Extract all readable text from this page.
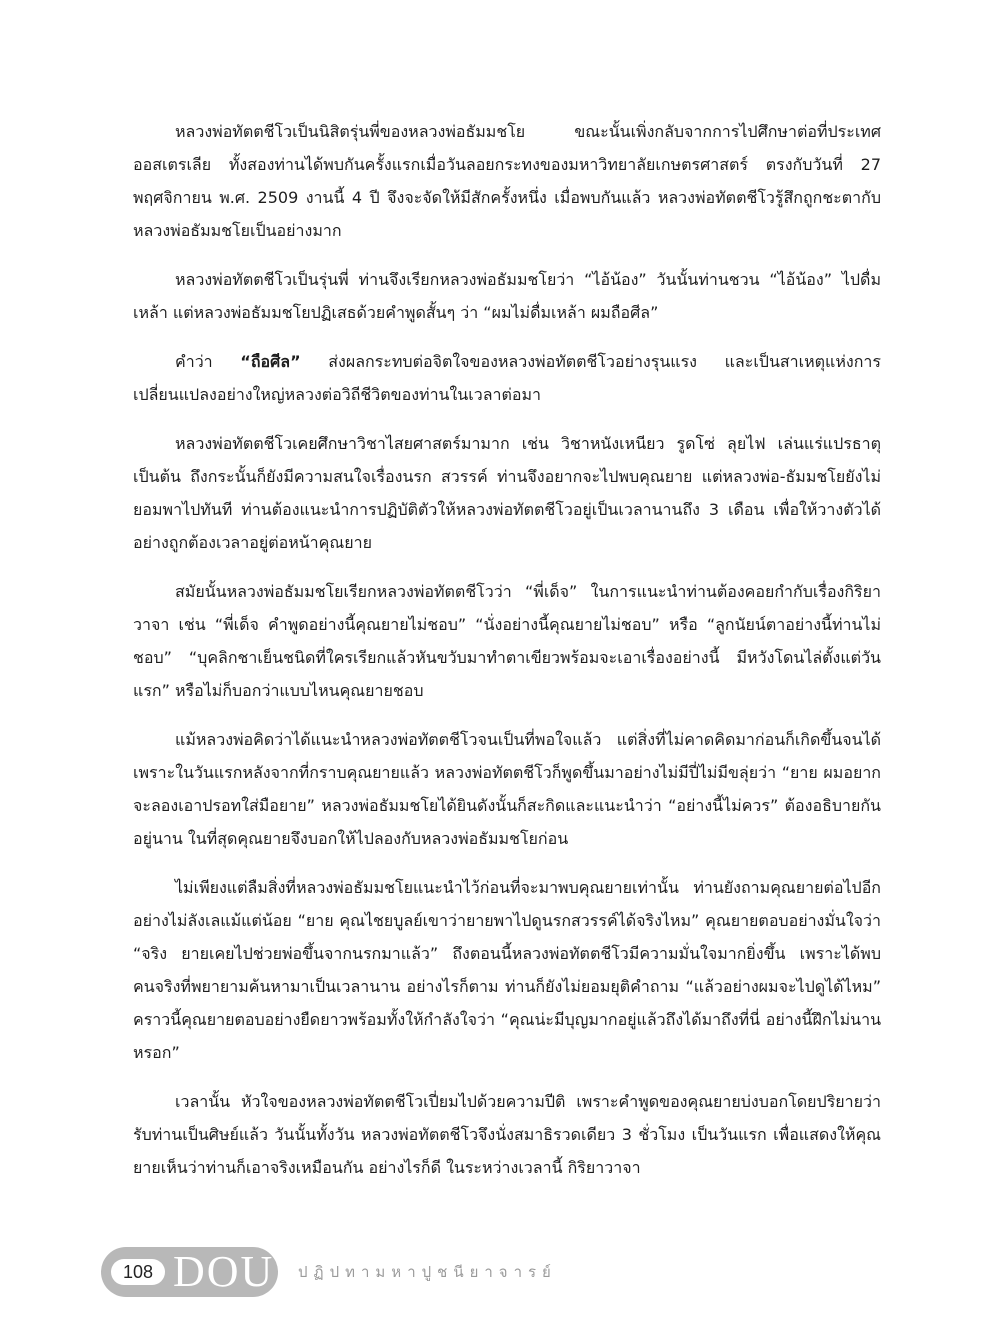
หลวงพ่อทัตตชีโวเป็นนิสิตรุ่นพี่ของหลวงพ่อธัมมชโย ขณะนั้นเพิ่งกลับจากการไปศึกษาต่อที่ประเทศออสเตรเลีย ทั้งสองท่านได้พบกันครั้งแรกเมื่อวันลอยกระทงของมหาวิทยาลัยเกษตรศาสตร์ ตรงกับวันที่ 27 พฤศจิกายน พ.ศ. 2509 งานนี้ 4 ปี จึงจะจัดให้มีสักครั้งหนึ่ง เมื่อพบกันแล้ว หลวงพ่อทัตตชีโวรู้สึกถูกชะตากับหลวงพ่อธัมมชโยเป็นอย่างมาก

หลวงพ่อทัตตชีโวเป็นรุ่นพี่ ท่านจึงเรียกหลวงพ่อธัมมชโยว่า “ไอ้น้อง” วันนั้นท่านชวน “ไอ้น้อง” ไปดื่มเหล้า แต่หลวงพ่อธัมมชโยปฏิเสธด้วยคำพูดสั้นๆ ว่า “ผมไม่ดื่มเหล้า ผมถือศีล”

คำว่า “ถือศีล” ส่งผลกระทบต่อจิตใจของหลวงพ่อทัตตชีโวอย่างรุนแรง และเป็นสาเหตุแห่งการเปลี่ยนแปลงอย่างใหญ่หลวงต่อวิถีชีวิตของท่านในเวลาต่อมา

หลวงพ่อทัตตชีโวเคยศึกษาวิชาไสยศาสตร์มามาก เช่น วิชาหนังเหนียว รูดโซ่ ลุยไฟ เล่นแร่แปรธาตุ เป็นต้น ถึงกระนั้นก็ยังมีความสนใจเรื่องนรก สวรรค์ ท่านจึงอยากจะไปพบคุณยาย แต่หลวงพ่อ-ธัมมชโยยังไม่ยอมพาไปทันที ท่านต้องแนะนำการปฏิบัติตัวให้หลวงพ่อทัตตชีโวอยู่เป็นเวลานานถึง 3 เดือน เพื่อให้วางตัวได้อย่างถูกต้องเวลาอยู่ต่อหน้าคุณยาย

สมัยนั้นหลวงพ่อธัมมชโยเรียกหลวงพ่อทัตตชีโวว่า “พี่เด็จ” ในการแนะนำท่านต้องคอยกำกับเรื่องกิริยาวาจา เช่น “พี่เด็จ คำพูดอย่างนี้คุณยายไม่ชอบ” “นั่งอย่างนี้คุณยายไม่ชอบ” หรือ “ลูกนัยน์ตาอย่างนี้ท่านไม่ชอบ” “บุคลิกชาเย็นชนิดที่ใครเรียกแล้วหันขวับมาทำตาเขียวพร้อมจะเอาเรื่องอย่างนี้ มีหวังโดนไล่ตั้งแต่วันแรก” หรือไม่ก็บอกว่าแบบไหนคุณยายชอบ

แม้หลวงพ่อคิดว่าได้แนะนำหลวงพ่อทัตตชีโวจนเป็นที่พอใจแล้ว แต่สิ่งที่ไม่คาดคิดมาก่อนก็เกิดขึ้นจนได้ เพราะในวันแรกหลังจากที่กราบคุณยายแล้ว หลวงพ่อทัตตชีโวก็พูดขึ้นมาอย่างไม่มีปี่ไม่มีขลุ่ยว่า “ยาย ผมอยากจะลองเอาปรอทใส่มือยาย” หลวงพ่อธัมมชโยได้ยินดังนั้นก็สะกิดและแนะนำว่า “อย่างนี้ไม่ควร” ต้องอธิบายกันอยู่นาน ในที่สุดคุณยายจึงบอกให้ไปลองกับหลวงพ่อธัมมชโยก่อน

ไม่เพียงแต่ลืมสิ่งที่หลวงพ่อธัมมชโยแนะนำไว้ก่อนที่จะมาพบคุณยายเท่านั้น ท่านยังถามคุณยายต่อไปอีกอย่างไม่ลังเลแม้แต่น้อย “ยาย คุณไชยบูลย์เขาว่ายายพาไปดูนรกสวรรค์ได้จริงไหม” คุณยายตอบอย่างมั่นใจว่า “จริง ยายเคยไปช่วยพ่อขึ้นจากนรกมาแล้ว” ถึงตอนนี้หลวงพ่อทัตตชีโวมีความมั่นใจมากยิ่งขึ้น เพราะได้พบคนจริงที่พยายามค้นหามาเป็นเวลานาน อย่างไรก็ตาม ท่านก็ยังไม่ยอมยุติคำถาม “แล้วอย่างผมจะไปดูได้ไหม” คราวนี้คุณยายตอบอย่างยืดยาวพร้อมทั้งให้กำลังใจว่า “คุณน่ะมีบุญมากอยู่แล้วถึงได้มาถึงที่นี่ อย่างนี้ฝึกไม่นานหรอก”

เวลานั้น หัวใจของหลวงพ่อทัตตชีโวเปี่ยมไปด้วยความปีติ เพราะคำพูดของคุณยายบ่งบอกโดยปริยายว่า รับท่านเป็นศิษย์แล้ว วันนั้นทั้งวัน หลวงพ่อทัตตชีโวจึงนั่งสมาธิรวดเดียว 3 ชั่วโมง เป็นวันแรก เพื่อแสดงให้คุณยายเห็นว่าท่านก็เอาจริงเหมือนกัน อย่างไรก็ดี ในระหว่างเวลานี้ กิริยาวาจา

108 DOU ปฏิปทามหาปูชนียาจารย์
